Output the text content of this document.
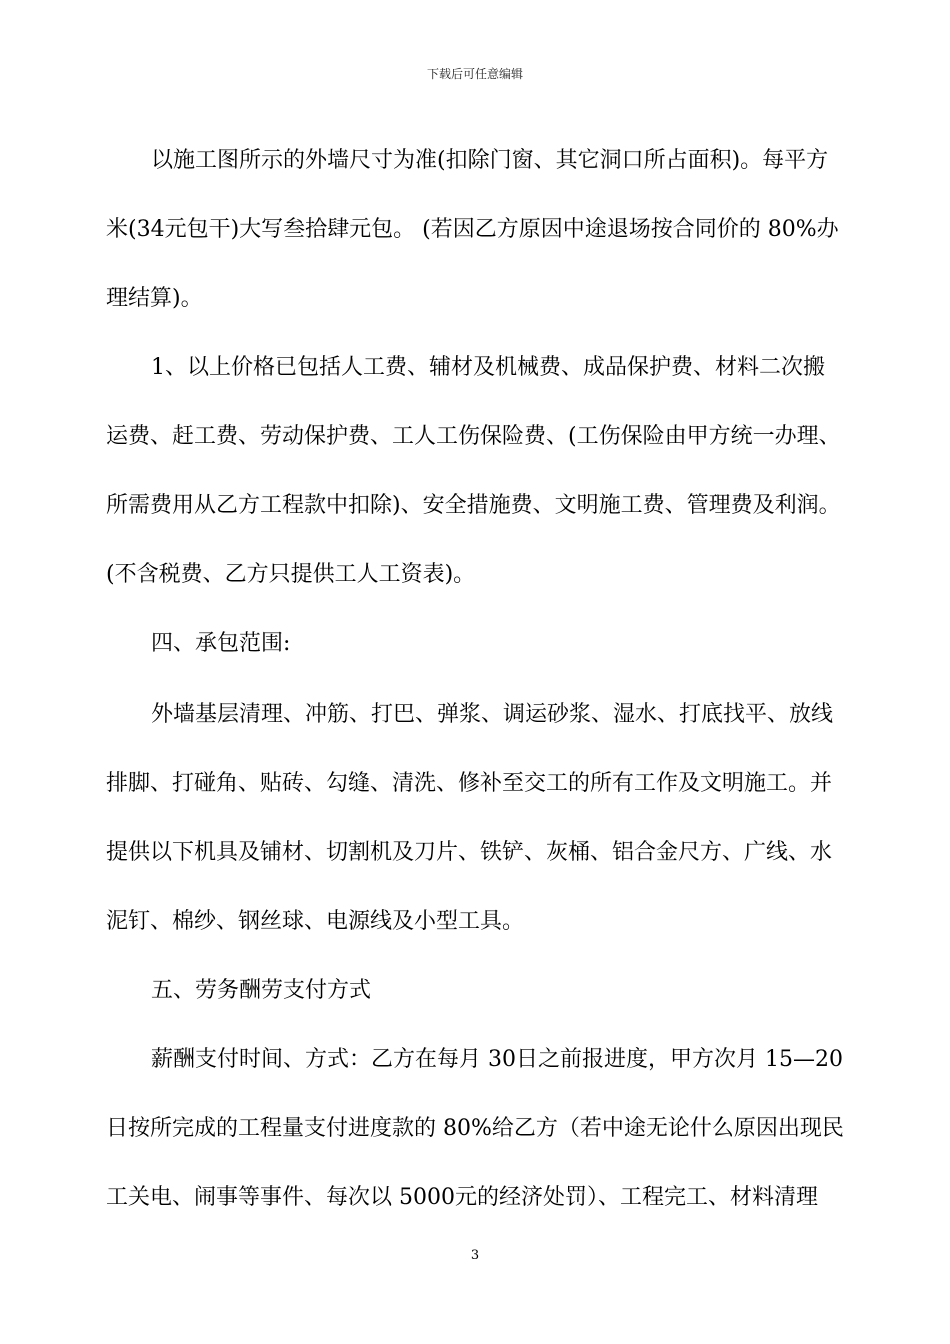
下载后可任意编辑
以施工图所示的外墙尺寸为准(扣除门窗、其它洞口所占面积)。每平方
米(34元包干)大写叁拾肆元包。 (若因乙方原因中途退场按合同价的 80%办
理结算)。
1、以上价格已包括人工费、辅材及机械费、成品保护费、材料二次搬
运费、赶工费、劳动保护费、工人工伤保险费、(工伤保险由甲方统一办理、
所需费用从乙方工程款中扣除)、安全措施费、文明施工费、管理费及利润。
(不含税费、乙方只提供工人工资表)。
四、承包范围:
外墙基层清理、冲筋、打巴、弹浆、调运砂浆、湿水、打底找平、放线
排脚、打碰角、贴砖、勾缝、清洗、修补至交工的所有工作及文明施工。并
提供以下机具及铺材、切割机及刀片、铁铲、灰桶、铝合金尺方、广线、水
泥钉、棉纱、钢丝球、电源线及小型工具。
五、劳务酬劳支付方式
薪酬支付时间、方式：乙方在每月 30日之前报进度，甲方次月 15—20
日按所完成的工程量支付进度款的 80%给乙方（若中途无论什么原因出现民
工关电、闹事等事件、每次以 5000元的经济处罚）、工程完工、材料清理
3
